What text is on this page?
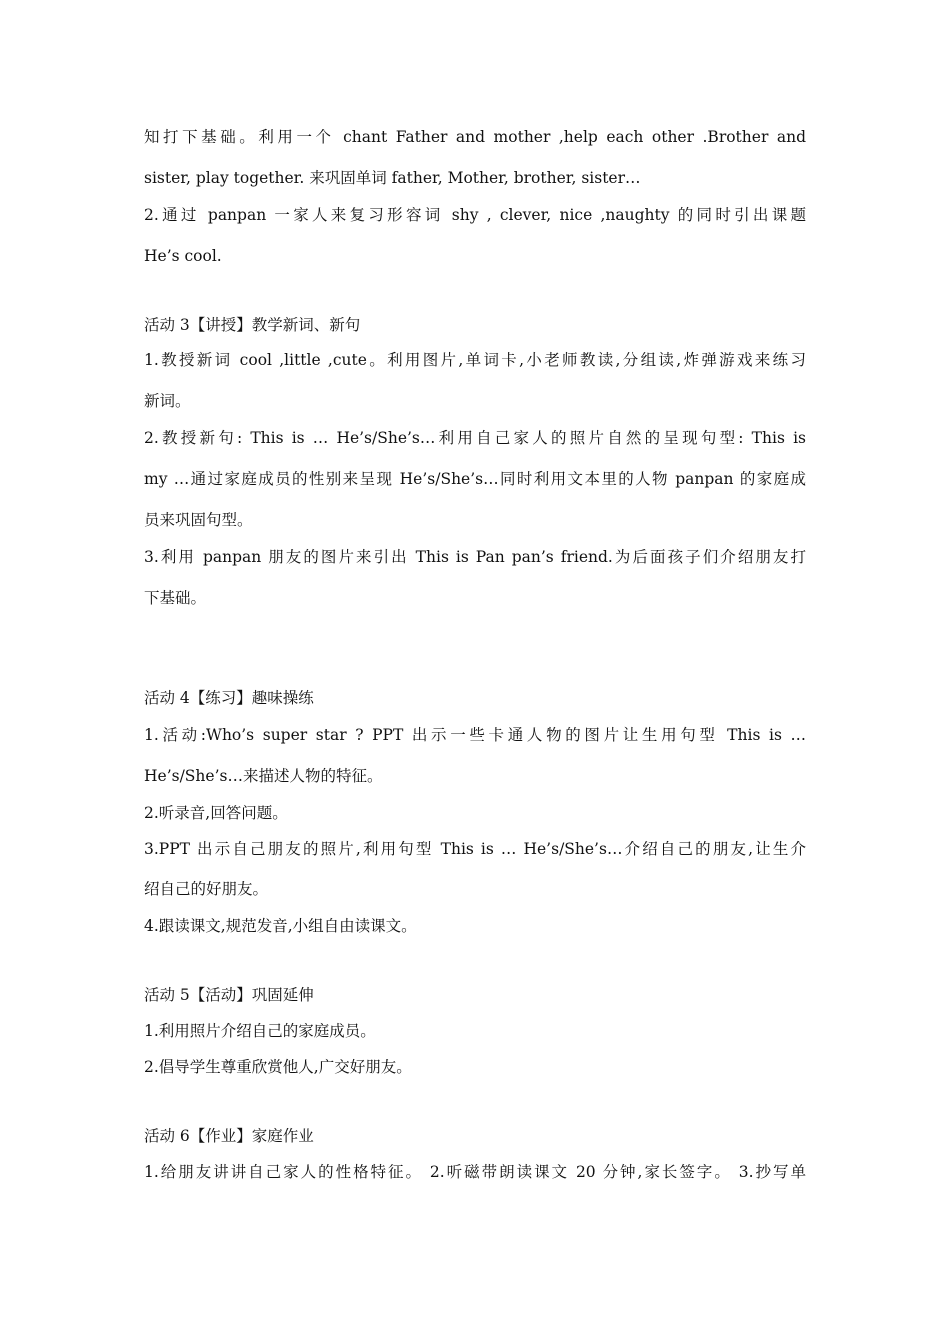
知打下基础。利用一个 chant Father and mother ,help each other .Brother and
sister, play together. 来巩固单词 father, Mother, brother, sister…
2.通过 panpan 一家人来复习形容词 shy , clever, nice ,naughty 的同时引出课题
He’s cool.
活动 3【讲授】教学新词、新句
1.教授新词 cool ,little ,cute。利用图片,单词卡,小老师教读,分组读,炸弹游戏来练习
新词。
2.教授新句: This is … He’s/She’s…利用自己家人的照片自然的呈现句型: This is
my …通过家庭成员的性别来呈现 He’s/She’s…同时利用文本里的人物 panpan 的家庭成
员来巩固句型。
3.利用 panpan 朋友的图片来引出 This is Pan pan’s friend.为后面孩子们介绍朋友打
下基础。
活动 4【练习】趣味操练
1.活动:Who’s super star ? PPT 出示一些卡通人物的图片让生用句型 This is …
He’s/She’s…来描述人物的特征。
2.听录音,回答问题。
3.PPT 出示自己朋友的照片,利用句型 This is … He’s/She’s…介绍自己的朋友,让生介
绍自己的好朋友。
4.跟读课文,规范发音,小组自由读课文。
活动 5【活动】巩固延伸
1.利用照片介绍自己的家庭成员。
2.倡导学生尊重欣赏他人,广交好朋友。
活动 6【作业】家庭作业
1.给朋友讲讲自己家人的性格特征。 2.听磁带朗读课文 20 分钟,家长签字。 3.抄写单
